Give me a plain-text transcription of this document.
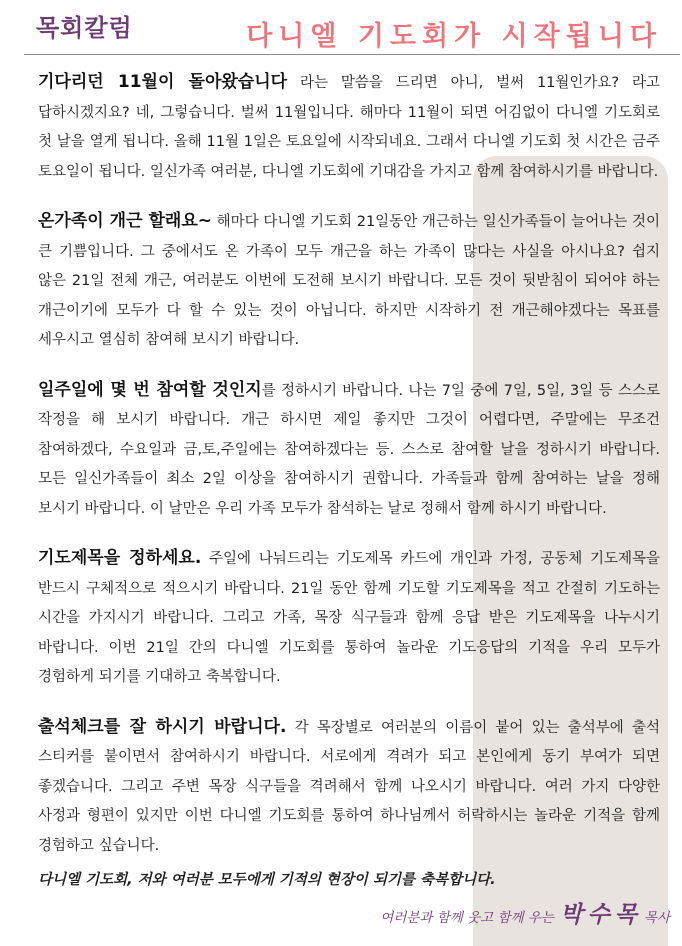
목회칼럼	다니엘 기도회가 시작됩니다

기다리던 11월이 돌아왔습니다 라는 말씀을 드리면 아니, 벌써 11월인가요? 라고 답하시겠지요? 네, 그렇습니다. 벌써 11월입니다. 해마다 11월이 되면 어김없이 다니엘 기도회로 첫 날을 열게 됩니다. 올해 11월 1일은 토요일에 시작되네요. 그래서 다니엘 기도회 첫 시간은 금주 토요일이 됩니다. 일신가족 여러분, 다니엘 기도회에 기대감을 가지고 함께 참여하시기를 바랍니다.

온가족이 개근 할래요~ 해마다 다니엘 기도회 21일동안 개근하는 일신가족들이 늘어나는 것이 큰 기쁨입니다. 그 중에서도 온 가족이 모두 개근을 하는 가족이 많다는 사실을 아시나요? 쉽지 않은 21일 전체 개근, 여러분도 이번에 도전해 보시기 바랍니다. 모든 것이 뒷받침이 되어야 하는 개근이기에 모두가 다 할 수 있는 것이 아닙니다. 하지만 시작하기 전 개근해야겠다는 목표를 세우시고 열심히 참여해 보시기 바랍니다.

일주일에 몇 번 참여할 것인지를 정하시기 바랍니다. 나는 7일 중에 7일, 5일, 3일 등 스스로 작정을 해 보시기 바랍니다. 개근 하시면 제일 좋지만 그것이 어렵다면, 주말에는 무조건 참여하겠다, 수요일과 금,토,주일에는 참여하겠다는 등. 스스로 참여할 날을 정하시기 바랍니다. 모든 일신가족들이 최소 2일 이상을 참여하시기 권합니다. 가족들과 함께 참여하는 날을 정해 보시기 바랍니다. 이 날만은 우리 가족 모두가 참석하는 날로 정해서 함께 하시기 바랍니다.

기도제목을 정하세요. 주일에 나눠드리는 기도제목 카드에 개인과 가정, 공동체 기도제목을 반드시 구체적으로 적으시기 바랍니다. 21일 동안 함께 기도할 기도제목을 적고 간절히 기도하는 시간을 가지시기 바랍니다. 그리고 가족, 목장 식구들과 함께 응답 받은 기도제목을 나누시기 바랍니다. 이번 21일 간의 다니엘 기도회를 통하여 놀라운 기도응답의 기적을 우리 모두가 경험하게 되기를 기대하고 축복합니다.

출석체크를 잘 하시기 바랍니다. 각 목장별로 여러분의 이름이 붙어 있는 출석부에 출석 스티커를 붙이면서 참여하시기 바랍니다. 서로에게 격려가 되고 본인에게 동기 부여가 되면 좋겠습니다. 그리고 주변 목장 식구들을 격려해서 함께 나오시기 바랍니다. 여러 가지 다양한 사정과 형편이 있지만 이번 다니엘 기도회를 통하여 하나님께서 허락하시는 놀라운 기적을 함께 경험하고 싶습니다.

다니엘 기도회, 저와 여러분 모두에게 기적의 현장이 되기를 축복합니다.

여러분과 함께 웃고 함께 우는 박수목 목사
